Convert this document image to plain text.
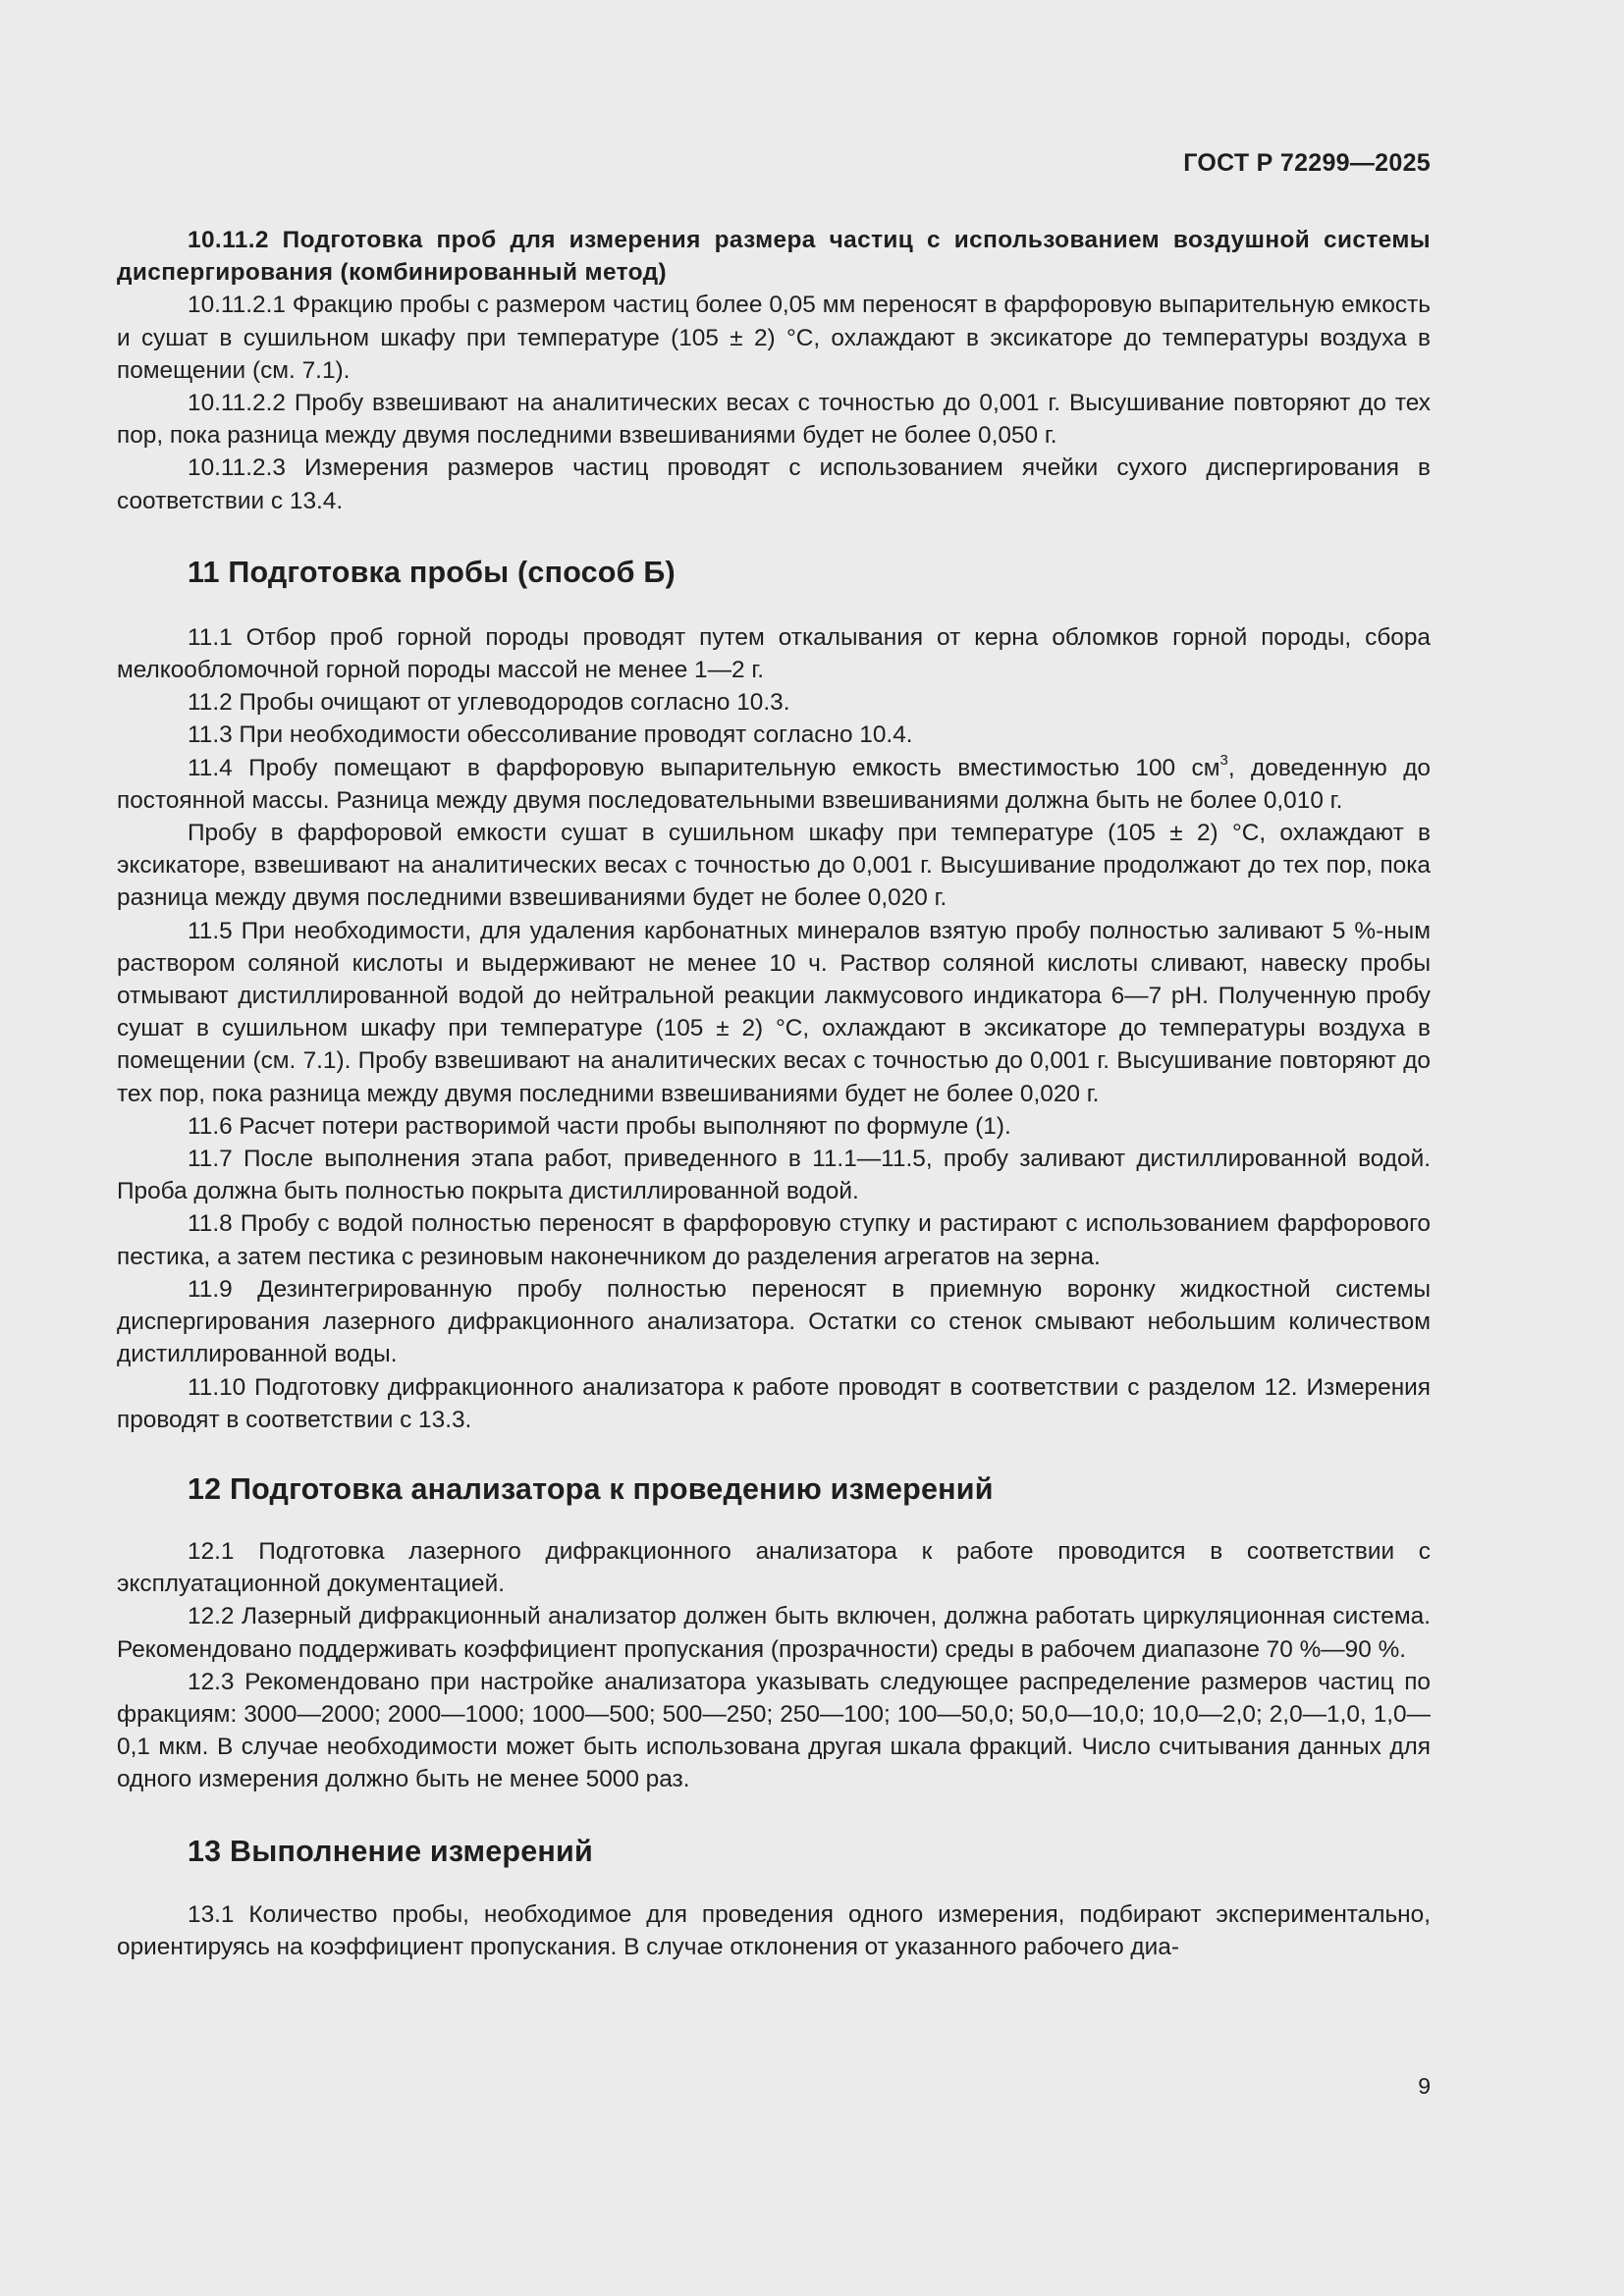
ГОСТ Р 72299—2025

10.11.2 Подготовка проб для измерения размера частиц с использованием воздушной системы диспергирования (комбинированный метод)

10.11.2.1 Фракцию пробы с размером частиц более 0,05 мм переносят в фарфоровую выпарительную емкость и сушат в сушильном шкафу при температуре (105 ± 2) °С, охлаждают в эксикаторе до температуры воздуха в помещении (см. 7.1).

10.11.2.2 Пробу взвешивают на аналитических весах с точностью до 0,001 г. Высушивание повторяют до тех пор, пока разница между двумя последними взвешиваниями будет не более 0,050 г.

10.11.2.3 Измерения размеров частиц проводят с использованием ячейки сухого диспергирования в соответствии с 13.4.

11 Подготовка пробы (способ Б)

11.1 Отбор проб горной породы проводят путем откалывания от керна обломков горной породы, сбора мелкообломочной горной породы массой не менее 1—2 г.

11.2 Пробы очищают от углеводородов согласно 10.3.

11.3 При необходимости обессоливание проводят согласно 10.4.

11.4 Пробу помещают в фарфоровую выпарительную емкость вместимостью 100 $см^3$, доведенную до постоянной массы. Разница между двумя последовательными взвешиваниями должна быть не более 0,010 г.

Пробу в фарфоровой емкости сушат в сушильном шкафу при температуре (105 ± 2) °С, охлаждают в эксикаторе, взвешивают на аналитических весах с точностью до 0,001 г. Высушивание продолжают до тех пор, пока разница между двумя последними взвешиваниями будет не более 0,020 г.

11.5 При необходимости, для удаления карбонатных минералов взятую пробу полностью заливают 5 %-ным раствором соляной кислоты и выдерживают не менее 10 ч. Раствор соляной кислоты сливают, навеску пробы отмывают дистиллированной водой до нейтральной реакции лакмусового индикатора 6—7 рН. Полученную пробу сушат в сушильном шкафу при температуре (105 ± 2) °С, охлаждают в эксикаторе до температуры воздуха в помещении (см. 7.1). Пробу взвешивают на аналитических весах с точностью до 0,001 г. Высушивание повторяют до тех пор, пока разница между двумя последними взвешиваниями будет не более 0,020 г.

11.6 Расчет потери растворимой части пробы выполняют по формуле (1).

11.7 После выполнения этапа работ, приведенного в 11.1—11.5, пробу заливают дистиллированной водой. Проба должна быть полностью покрыта дистиллированной водой.

11.8 Пробу с водой полностью переносят в фарфоровую ступку и растирают с использованием фарфорового пестика, а затем пестика с резиновым наконечником до разделения агрегатов на зерна.

11.9 Дезинтегрированную пробу полностью переносят в приемную воронку жидкостной системы диспергирования лазерного дифракционного анализатора. Остатки со стенок смывают небольшим количеством дистиллированной воды.

11.10 Подготовку дифракционного анализатора к работе проводят в соответствии с разделом 12. Измерения проводят в соответствии с 13.3.

12 Подготовка анализатора к проведению измерений

12.1 Подготовка лазерного дифракционного анализатора к работе проводится в соответствии с эксплуатационной документацией.

12.2 Лазерный дифракционный анализатор должен быть включен, должна работать циркуляционная система. Рекомендовано поддерживать коэффициент пропускания (прозрачности) среды в рабочем диапазоне 70 %—90 %.

12.3 Рекомендовано при настройке анализатора указывать следующее распределение размеров частиц по фракциям: 3000—2000; 2000—1000; 1000—500; 500—250; 250—100; 100—50,0; 50,0—10,0; 10,0—2,0; 2,0—1,0, 1,0—0,1 мкм. В случае необходимости может быть использована другая шкала фракций. Число считывания данных для одного измерения должно быть не менее 5000 раз.

13 Выполнение измерений

13.1 Количество пробы, необходимое для проведения одного измерения, подбирают экспериментально, ориентируясь на коэффициент пропускания. В случае отклонения от указанного рабочего диа-

9
